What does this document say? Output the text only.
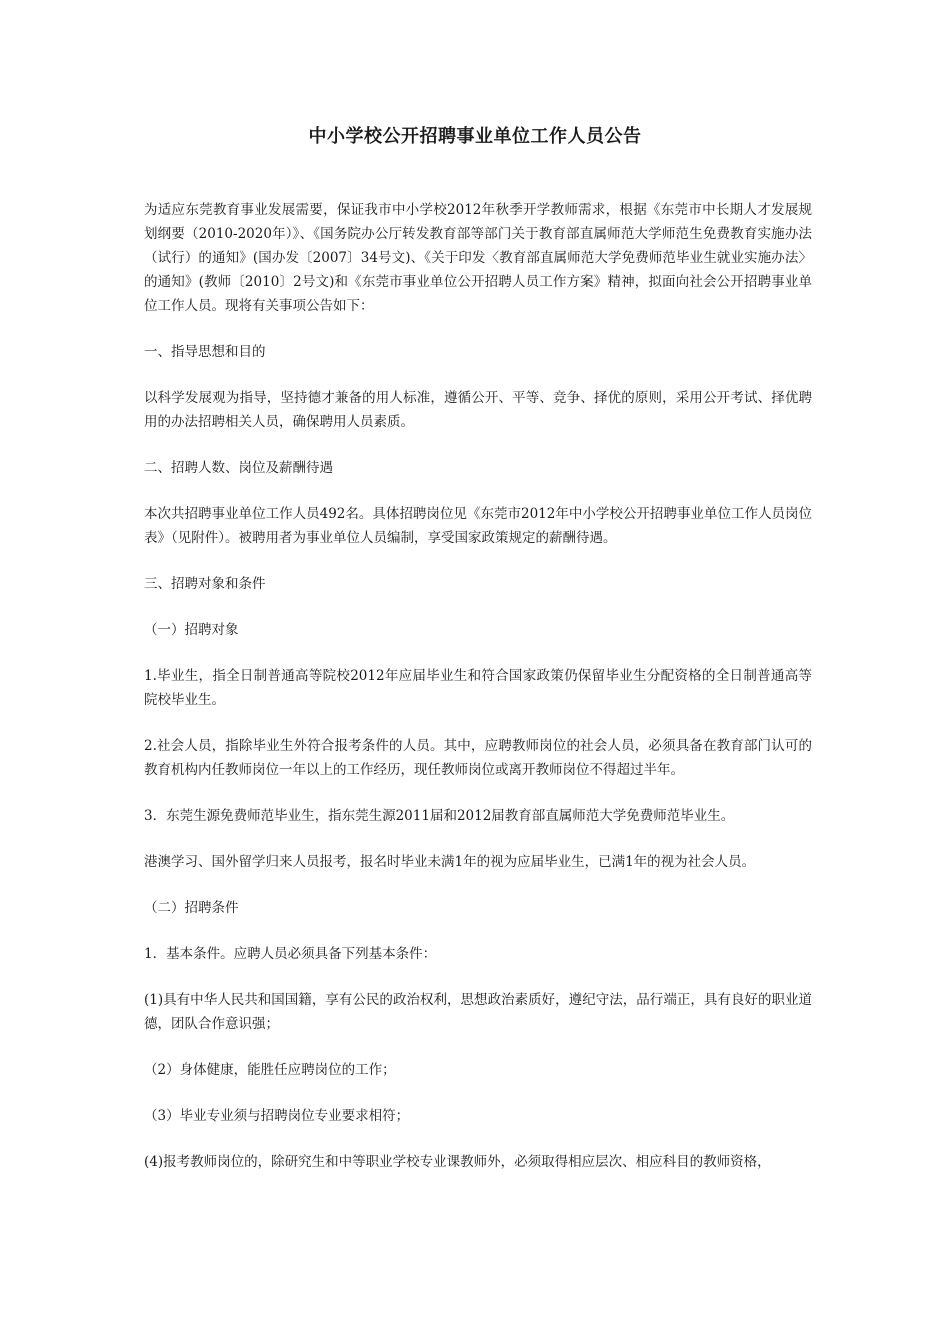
中小学校公开招聘事业单位工作人员公告

为适应东莞教育事业发展需要，保证我市中小学校2012年秋季开学教师需求，根据《东莞市中长期人才发展规划纲要（2010-2020年）》、《国务院办公厅转发教育部等部门关于教育部直属师范大学师范生免费教育实施办法（试行）的通知》(国办发〔2007〕34号文)、《关于印发〈教育部直属师范大学免费师范毕业生就业实施办法〉的通知》(教师〔2010〕2号文)和《东莞市事业单位公开招聘人员工作方案》精神，拟面向社会公开招聘事业单位工作人员。现将有关事项公告如下：

一、指导思想和目的

以科学发展观为指导，坚持德才兼备的用人标准，遵循公开、平等、竞争、择优的原则，采用公开考试、择优聘用的办法招聘相关人员，确保聘用人员素质。

二、招聘人数、岗位及薪酬待遇

本次共招聘事业单位工作人员492名。具体招聘岗位见《东莞市2012年中小学校公开招聘事业单位工作人员岗位表》（见附件）。被聘用者为事业单位人员编制，享受国家政策规定的薪酬待遇。

三、招聘对象和条件

（一）招聘对象

1.毕业生，指全日制普通高等院校2012年应届毕业生和符合国家政策仍保留毕业生分配资格的全日制普通高等院校毕业生。

2.社会人员，指除毕业生外符合报考条件的人员。其中，应聘教师岗位的社会人员，必须具备在教育部门认可的教育机构内任教师岗位一年以上的工作经历，现任教师岗位或离开教师岗位不得超过半年。

3．东莞生源免费师范毕业生，指东莞生源2011届和2012届教育部直属师范大学免费师范毕业生。

港澳学习、国外留学归来人员报考，报名时毕业未满1年的视为应届毕业生，已满1年的视为社会人员。

（二）招聘条件

1．基本条件。应聘人员必须具备下列基本条件：

(1)具有中华人民共和国国籍，享有公民的政治权利，思想政治素质好，遵纪守法，品行端正，具有良好的职业道德，团队合作意识强；

（2）身体健康，能胜任应聘岗位的工作；

（3）毕业专业须与招聘岗位专业要求相符；

(4)报考教师岗位的，除研究生和中等职业学校专业课教师外，必须取得相应层次、相应科目的教师资格，
